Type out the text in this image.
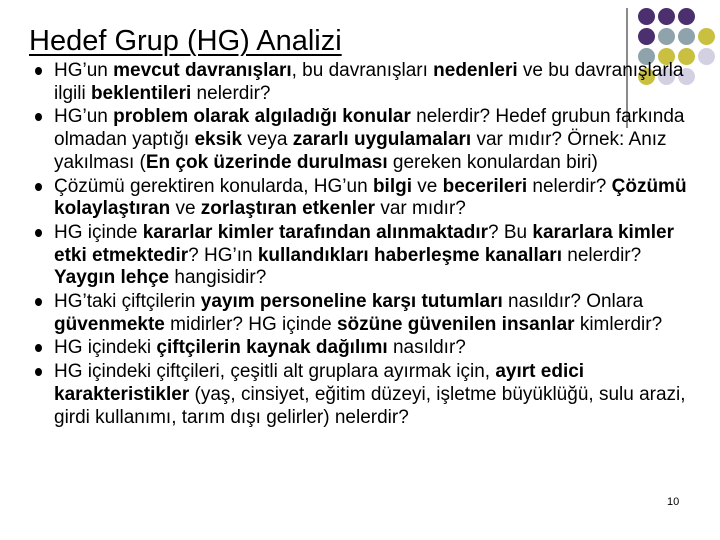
Hedef Grup (HG) Analizi
HG’un mevcut davranışları, bu davranışları nedenleri ve bu davranışlarla ilgili beklentileri nelerdir?
HG’un problem olarak algıladığı konular nelerdir? Hedef grubun farkında olmadan yaptığı eksik veya zararlı uygulamaları var mıdır? Örnek: Anız yakılması (En çok üzerinde durulması gereken konulardan biri)
Çözümü gerektiren konularda, HG’un bilgi ve becerileri nelerdir? Çözümü kolaylaştıran ve zorlaştıran etkenler var mıdır?
HG içinde kararlar kimler tarafından alınmaktadır? Bu kararlara kimler etki etmektedir? HG’ın kullandıkları haberleşme kanalları nelerdir? Yaygın lehçe hangisidir?
HG’taki çiftçilerin yayım personeline karşı tutumları nasıldır? Onlara güvenmekte midirler? HG içinde sözüne güvenilen insanlar kimlerdir?
HG içindeki çiftçilerin kaynak dağılımı nasıldır?
HG içindeki çiftçileri, çeşitli alt gruplara ayırmak için, ayırt edici karakteristikler (yaş, cinsiyet, eğitim düzeyi, işletme büyüklüğü, sulu arazi, girdi kullanımı, tarım dışı gelirler) nelerdir?
10
